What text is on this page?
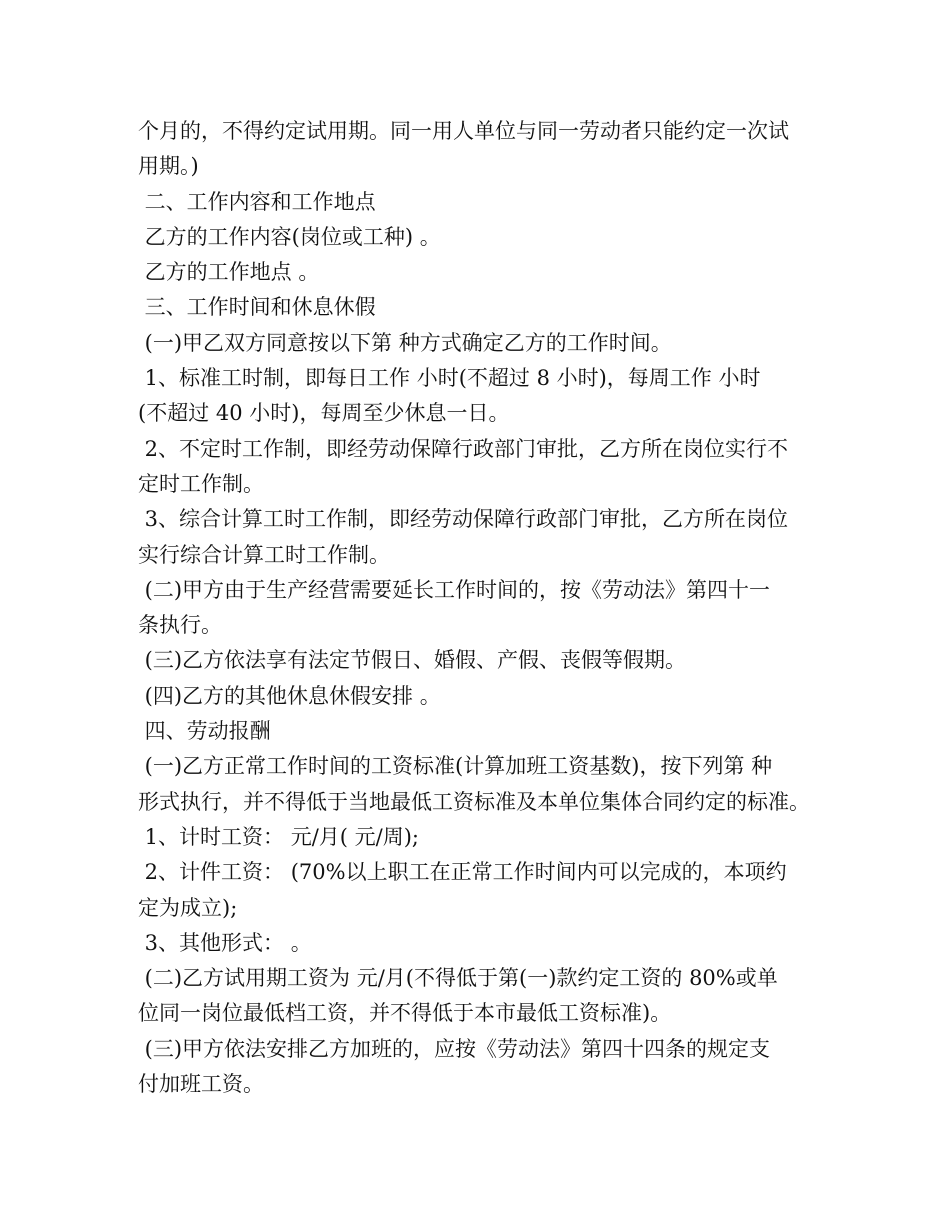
个月的，不得约定试用期。同一用人单位与同一劳动者只能约定一次试
用期。)
二、工作内容和工作地点
乙方的工作内容(岗位或工种) 。
乙方的工作地点 。
三、工作时间和休息休假
(一)甲乙双方同意按以下第 种方式确定乙方的工作时间。
1、标准工时制，即每日工作 小时(不超过 8 小时)，每周工作 小时
(不超过 40 小时)，每周至少休息一日。
2、不定时工作制，即经劳动保障行政部门审批，乙方所在岗位实行不
定时工作制。
3、综合计算工时工作制，即经劳动保障行政部门审批，乙方所在岗位
实行综合计算工时工作制。
(二)甲方由于生产经营需要延长工作时间的，按《劳动法》第四十一
条执行。
(三)乙方依法享有法定节假日、婚假、产假、丧假等假期。
(四)乙方的其他休息休假安排 。
四、劳动报酬
(一)乙方正常工作时间的工资标准(计算加班工资基数)，按下列第 种
形式执行，并不得低于当地最低工资标准及本单位集体合同约定的标准。
1、计时工资： 元/月( 元/周);
2、计件工资： (70%以上职工在正常工作时间内可以完成的，本项约
定为成立);
3、其他形式： 。
(二)乙方试用期工资为 元/月(不得低于第(一)款约定工资的 80%或单
位同一岗位最低档工资，并不得低于本市最低工资标准)。
(三)甲方依法安排乙方加班的，应按《劳动法》第四十四条的规定支
付加班工资。
